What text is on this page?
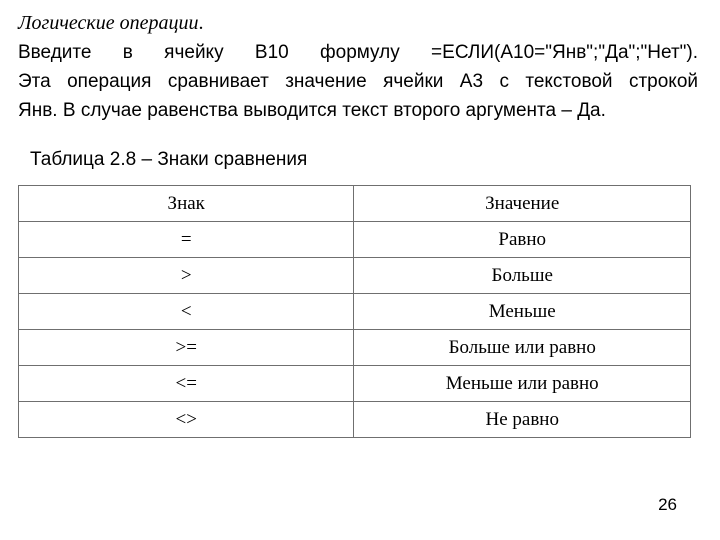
Логические операции.

Введите в ячейку В10 формулу =ЕСЛИ(А10="Янв";"Да";"Нет").
Эта операция сравнивает значение ячейки А3 с текстовой строкой
Янв. В случае равенства выводится текст второго аргумента – Да.

Таблица 2.8 – Знаки сравнения

Знак	Значение
=	Равно
>	Больше
<	Меньше
>=	Больше или равно
<=	Меньше или равно
<>	Не равно

26
